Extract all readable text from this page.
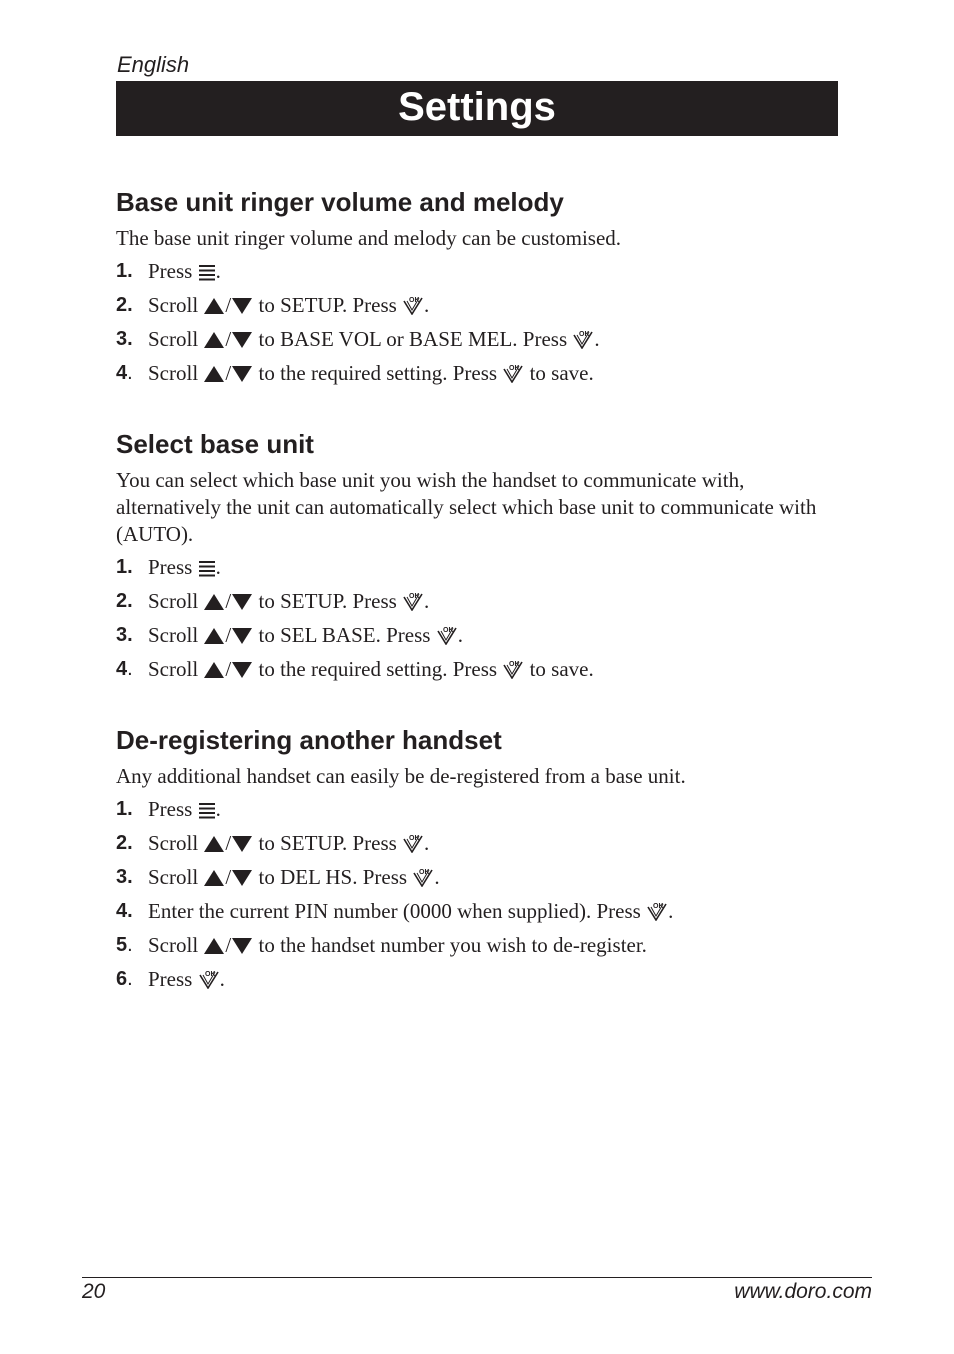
English
Settings
Base unit ringer volume and melody

The base unit ringer volume and melody can be customised.

1. Press .
2. Scroll / to SETUP. Press OK .
3. Scroll / to BASE VOL or BASE MEL. Press OK .
4. Scroll / to the required setting. Press OK to save.
Select base unit

You can select which base unit you wish the handset to communicate with, alternatively the unit can automatically select which base unit to communicate with (AUTO).

1. Press .
2. Scroll / to SETUP. Press OK .
3. Scroll / to SEL BASE. Press OK .
4. Scroll / to the required setting. Press OK to save.
De-registering another handset

Any additional handset can easily be de-registered from a base unit.

1. Press .
2. Scroll / to SETUP. Press OK .
3. Scroll / to DEL HS. Press OK .
4. Enter the current PIN number (0000 when supplied). Press OK .
5. Scroll / to the handset number you wish to de-register.
6. Press OK .
20	www.doro.com
